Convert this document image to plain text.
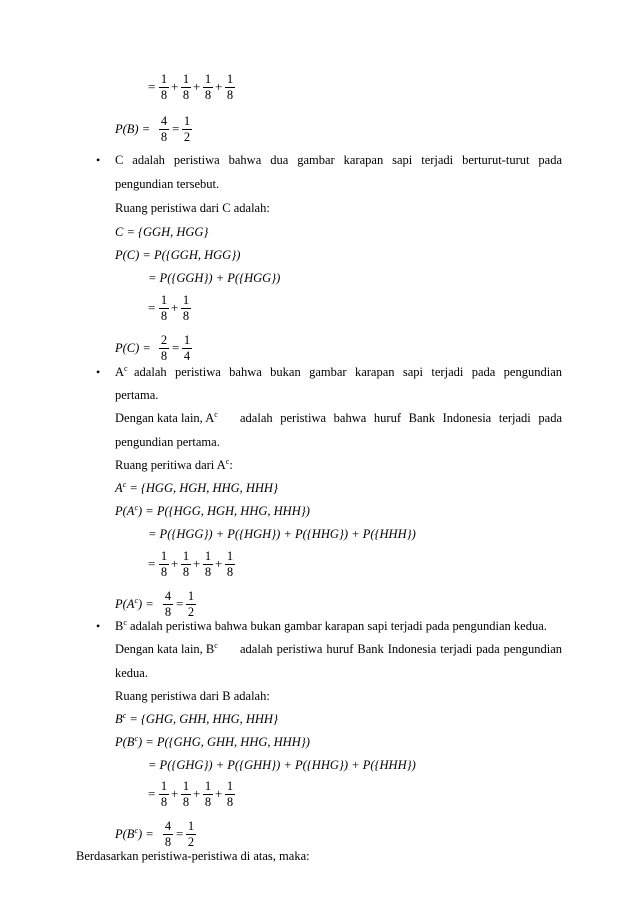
= 1
8
+ 1
8
+ 1
8
+ 1
8
P(B) =
4
8
= 1
2
• C adalah peristiwa bahwa dua gambar karapan sapi terjadi berturut-turut pada
pengundian tersebut.
Ruang peristiwa dari C adalah:
C = {GGH, HGG}
P(C) = P({GGH, HGG})
= P({GGH}) + P({HGG})
= 1
8
+ 1
8
P(C) =
2
8
= 1
4
• $A^c$ adalah peristiwa bahwa bukan gambar karapan sapi terjadi pada pengundian
pertama.
Dengan kata lain, $A^c$ adalah peristiwa bahwa huruf Bank Indonesia terjadi pada
pengundian pertama.
Ruang peritiwa dari $A^c$:
$A^c = \{HGG$, HGH, HHG, HHH}
$P(A^c) = P(\{HGG$, HGH, HHG, HHH})
= P({HGG}) + P({HGH}) + P({HHG}) + P({HHH})
= 1
8
+ 1
8
+ 1
8
+ 1
8
$P(A^c)$ =
4
8
= 1
2
• $B^c$ adalah peristiwa bahwa bukan gambar karapan sapi terjadi pada pengundian kedua.
Dengan kata lain, $B^c$ adalah peristiwa huruf Bank Indonesia terjadi pada pengundian
kedua.
Ruang peristiwa dari B adalah:
$B^c = \{GHG$, GHH, HHG, HHH}
$P(B^c) = P(\{GHG$, GHH, HHG, HHH})
= P({GHG}) + P({GHH}) + P({HHG}) + P({HHH})
= 1
8
+ 1
8
+ 1
8
+ 1
8
$P(B^c)$ =
4
8
= 1
2
Berdasarkan peristiwa-peristiwa di atas, maka:
